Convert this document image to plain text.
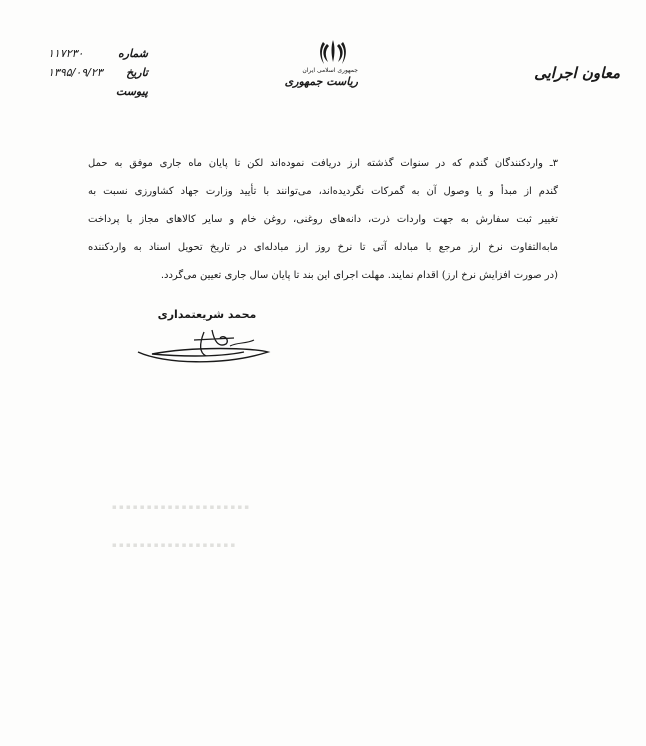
شماره
۱۱۷۲۳۰
تاریخ
۱۳۹۵/۰۹/۲۳
پیوست
جمهوری اسلامی ایران
ریاست جمهوری	معاون اجرایی
۳ـ واردکنندگان گندم که در سنوات گذشته ارز دریافت نموده‌اند لکن تا پایان ماه جاری موفق به حمل
گندم از مبدأ و یا وصول آن به گمرکات نگردیده‌اند، می‌توانند با تأیید وزارت جهاد کشاورزی نسبت به
تغییر ثبت سفارش به جهت واردات ذرت، دانه‌های روغنی، روغن خام و سایر کالاهای مجاز با پرداخت
مابه‌التفاوت نرخ ارز مرجع با مبادله آتی تا نرخ روز ارز مبادله‌ای در تاریخ تحویل اسناد به واردکننده
(در صورت افزایش نرخ ارز) اقدام نمایند. مهلت اجرای این بند تا پایان سال جاری تعیین می‌گردد.
محمد شریعتمداری
▪ ▪ ▪ ▪ ▪ ▪ ▪ ▪ ▪ ▪ ▪ ▪ ▪ ▪ ▪ ▪ ▪ ▪ ▪ ▪
▪ ▪ ▪ ▪ ▪ ▪ ▪ ▪ ▪ ▪ ▪ ▪ ▪ ▪ ▪ ▪ ▪ ▪
